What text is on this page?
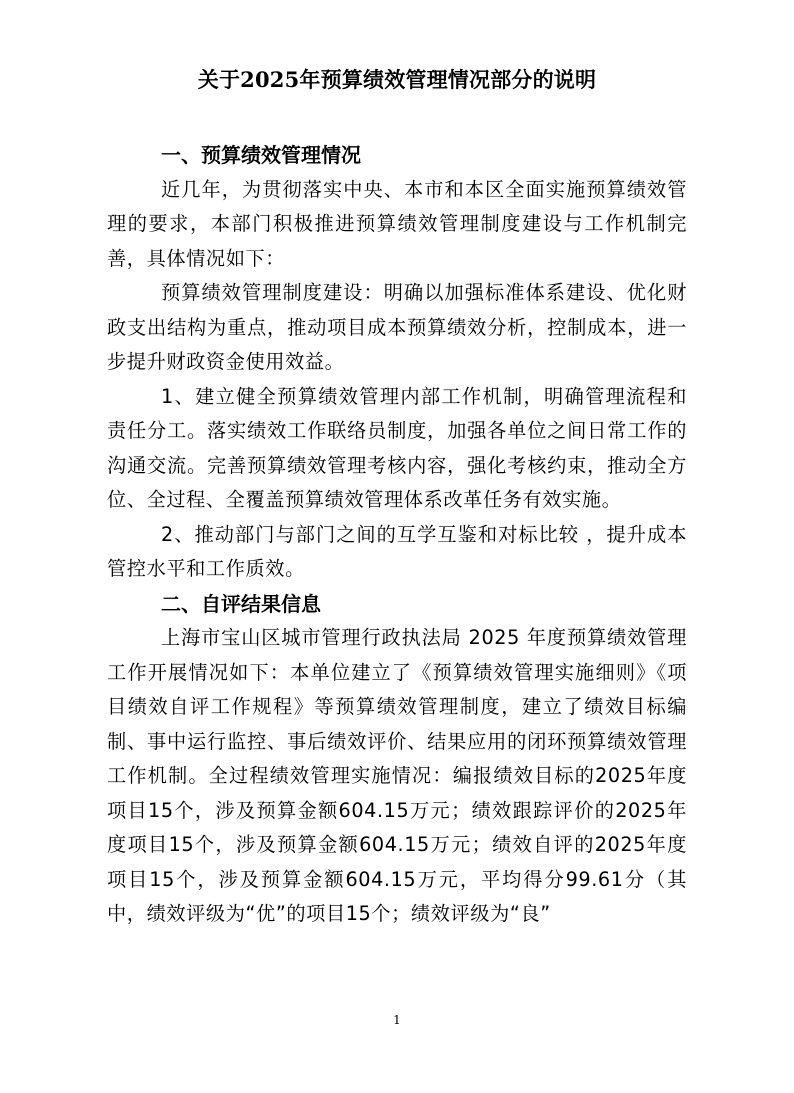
关于2025年预算绩效管理情况部分的说明

一、预算绩效管理情况

近几年，为贯彻落实中央、本市和本区全面实施预算绩效管理的要求，本部门积极推进预算绩效管理制度建设与工作机制完善，具体情况如下：

预算绩效管理制度建设：明确以加强标准体系建设、优化财政支出结构为重点，推动项目成本预算绩效分析，控制成本，进一步提升财政资金使用效益。

1、建立健全预算绩效管理内部工作机制，明确管理流程和责任分工。落实绩效工作联络员制度，加强各单位之间日常工作的沟通交流。完善预算绩效管理考核内容，强化考核约束，推动全方位、全过程、全覆盖预算绩效管理体系改革任务有效实施。

2、推动部门与部门之间的互学互鉴和对标比较 ，提升成本管控水平和工作质效。

二、自评结果信息

上海市宝山区城市管理行政执法局 2025 年度预算绩效管理工作开展情况如下：本单位建立了《预算绩效管理实施细则》《项目绩效自评工作规程》等预算绩效管理制度，建立了绩效目标编制、事中运行监控、事后绩效评价、结果应用的闭环预算绩效管理工作机制。全过程绩效管理实施情况：编报绩效目标的2025年度项目15个，涉及预算金额604.15万元；绩效跟踪评价的2025年度项目15个，涉及预算金额604.15万元；绩效自评的2025年度项目15个，涉及预算金额604.15万元，平均得分99.61分（其中，绩效评级为“优”的项目15个；绩效评级为“良”

1
